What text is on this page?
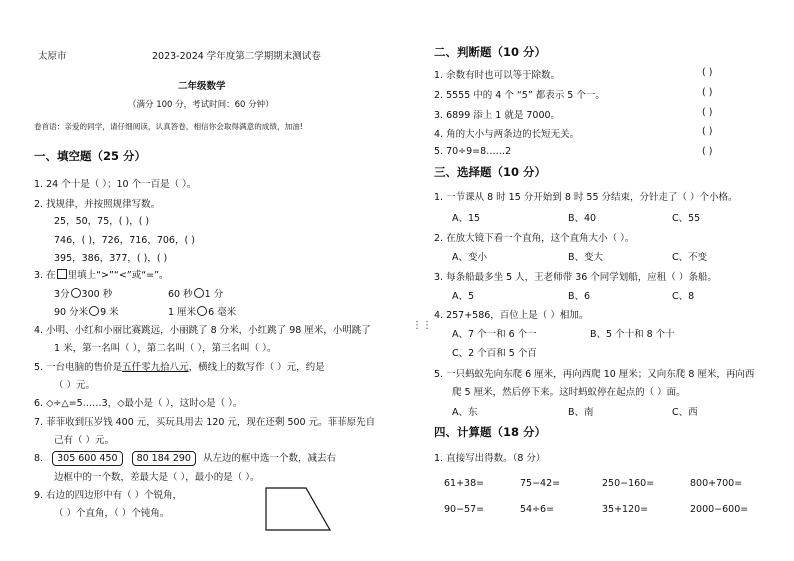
太原市	2023-2024 学年度第二学期期末测试卷
二年级数学
（满分 100 分，考试时间：60 分钟）
卷首语：亲爱的同学，请仔细阅读，认真答卷，相信你会取得满意的成绩，加油!
一、填空题（25 分）
1. 24 个十是（ ）；10 个一百是（ ）。
2. 找规律，并按照规律写数。
25，50，75，( )，( )
746，( )，726，716，706，( )
395，386，377，( )，( )
3. 在 里填上“>”“<”或“=”。
3分 300 秒	60 秒 1 分
90 分米 9 米	1 厘米 6 毫米
4. 小明、小红和小丽比赛跳远，小丽跳了 8 分米，小红跳了 98 厘米，小明跳了
1 米，第一名叫（ ），第二名叫（ ），第三名叫（ ）。
5. 一台电脑的售价是五仟零九拾八元，横线上的数写作（ ）元，约是
（ ）元。
6. ◇÷△=5……3，◇最小是（ ），这时◇是（ ）。
7. 菲菲收到压岁钱 400 元，买玩具用去 120 元，现在还剩 500 元。菲菲原先自
己有（ ）元。
8. 305 600 450 80 184 290 从左边的框中选一个数，减去右
边框中的一个数，差最大是（ ），最小的是（ ）。
9. 右边的四边形中有（ ）个锐角，
（ ）个直角，（ ）个钝角。
⋮⋮
二、判断题（10 分）
1. 余数有时也可以等于除数。	( )
2. 5555 中的 4 个 “5” 都表示 5 个一。	( )
3. 6899 添上 1 就是 7000。	( )
4. 角的大小与两条边的长短无关。	( )
5. 70÷9=8……2	( )
三、选择题（10 分）
1. 一节课从 8 时 15 分开始到 8 时 55 分结束，分针走了（ ）个小格。
A、15	B、40	C、55
2. 在放大镜下看一个直角，这个直角大小（ ）。
A、变小	B、变大	C、不变
3. 每条船最多坐 5 人，王老师带 36 个同学划船，应租（ ）条船。
A、5	B、6	C、8
4. 257+586，百位上是（ ）相加。
A、7 个一和 6 个一	B、5 个十和 8 个十
C、2 个百和 5 个百
5. 一只蚂蚁先向东爬 6 厘米，再向西爬 10 厘米；又向东爬 8 厘米，再向西
爬 5 厘米，然后停下来。这时蚂蚁停在起点的（ ）面。
A、东	B、南	C、西
四、计算题（18 分）
1. 直接写出得数。（8 分）
61+38=	75−42=	250−160=	800+700=
90−57=	54÷6=	35+120=	2000−600=
